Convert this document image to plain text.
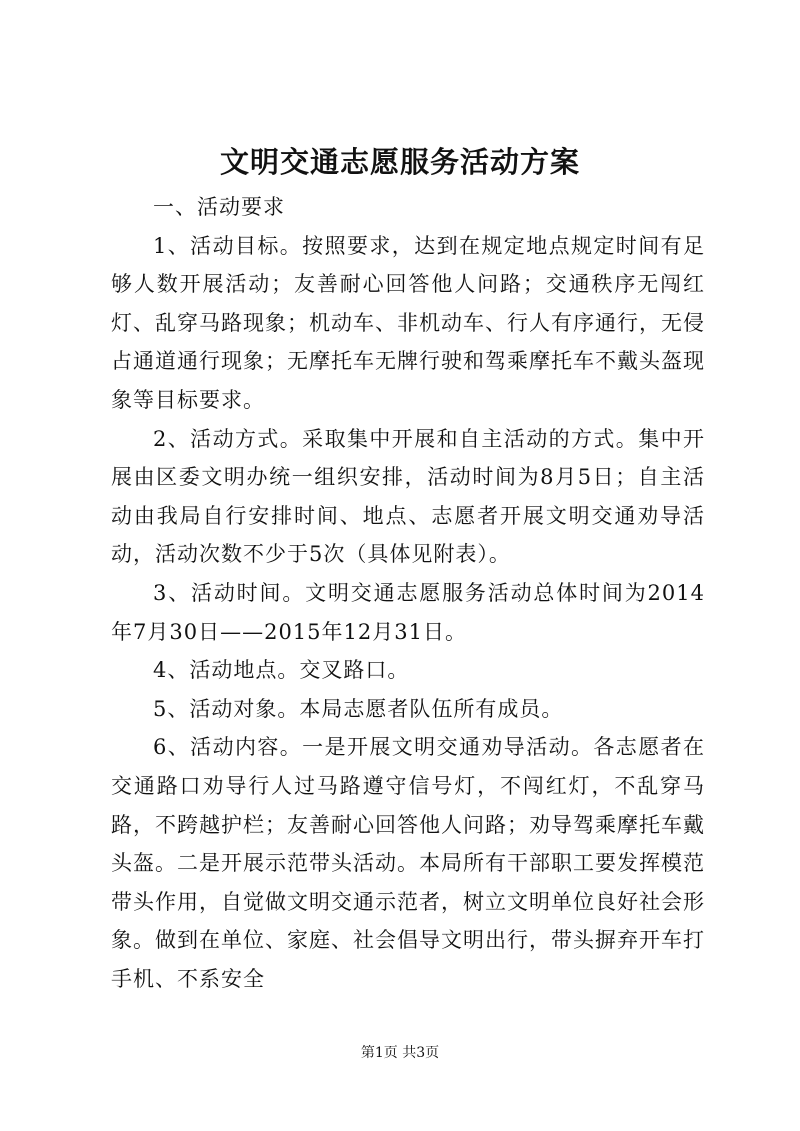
文明交通志愿服务活动方案

一、活动要求

1、活动目标。按照要求，达到在规定地点规定时间有足够人数开展活动；友善耐心回答他人问路；交通秩序无闯红灯、乱穿马路现象；机动车、非机动车、行人有序通行，无侵占通道通行现象；无摩托车无牌行驶和驾乘摩托车不戴头盔现象等目标要求。

2、活动方式。采取集中开展和自主活动的方式。集中开展由区委文明办统一组织安排，活动时间为8月5日；自主活动由我局自行安排时间、地点、志愿者开展文明交通劝导活动，活动次数不少于5次（具体见附表）。

3、活动时间。文明交通志愿服务活动总体时间为2014年7月30日——2015年12月31日。

4、活动地点。交叉路口。

5、活动对象。本局志愿者队伍所有成员。

6、活动内容。一是开展文明交通劝导活动。各志愿者在交通路口劝导行人过马路遵守信号灯，不闯红灯，不乱穿马路，不跨越护栏；友善耐心回答他人问路；劝导驾乘摩托车戴头盔。二是开展示范带头活动。本局所有干部职工要发挥模范带头作用，自觉做文明交通示范者，树立文明单位良好社会形象。做到在单位、家庭、社会倡导文明出行，带头摒弃开车打手机、不系安全

第1页 共3页
